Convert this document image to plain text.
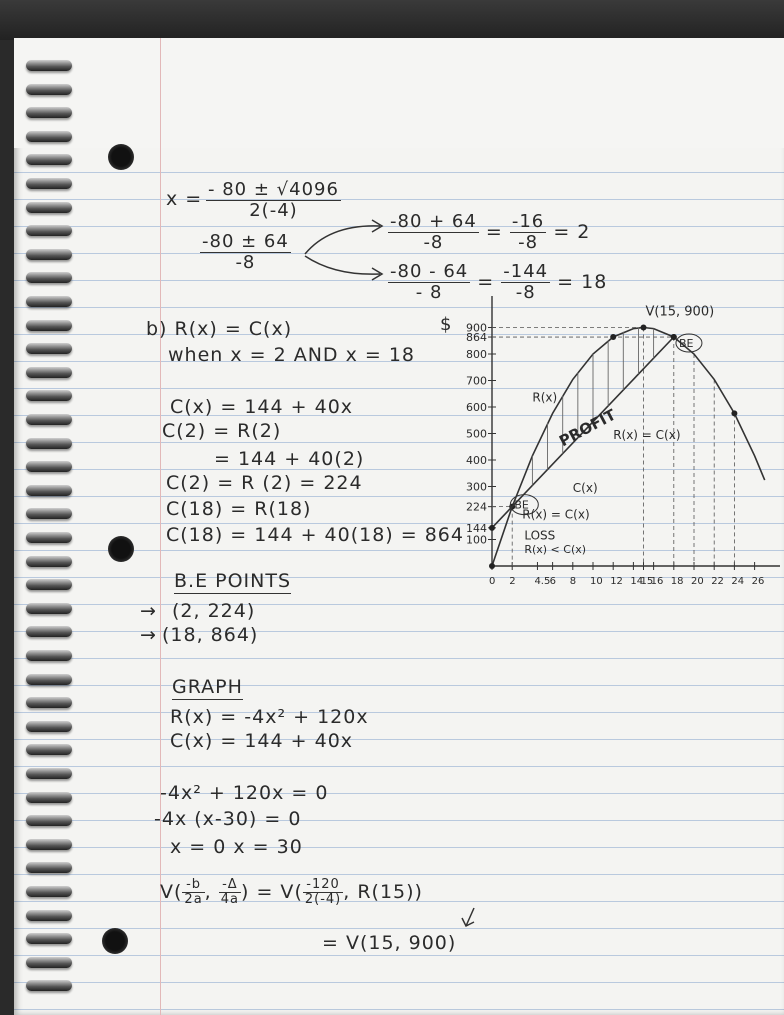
$x = \frac{- 80 \pm √4096}{2(-4)}$
$\frac{-80 \pm 64}{-8}$	$\frac{-80 + 64}{-8} = \frac{-16}{-8} = 2$
$\frac{-80 - 64}{- 8} = \frac{-144}{-8} = 18$
b) R(x) = C(x)
when x = 2 AND x = 18
C(x) = 144 + 40x
C(2) = R(2)
= 144 + 40(2)
C(2) = R (2) = 224
C(18) = R(18)
C(18) = 144 + 40(18) = 864
B.E POINTS
→ (2, 224)
→ (18, 864)
GRAPH
R(x) = -4x² + 120x
C(x) = 144 + 40x
-4x² + 120x = 0
-4x (x-30) = 0
x = 0 x = 30
$V( \frac{-b}{2a}$ , $\frac{-\Delta}{4a}$ ) = $V( \frac{-120}{2(-4)}$ , R(15))
= V(15, 900)
$
100
144
224
300
400
500
600
700
800
864
900
0 2 4.5 6 8 10 12 14
15
16 18 20 22 24 26
V(15, 900)
BE
BE
PROFIT
R(x)
R(x) = C(x)
C(x)
R(x) = C(x)
LOSS
R(x) < C(x)
